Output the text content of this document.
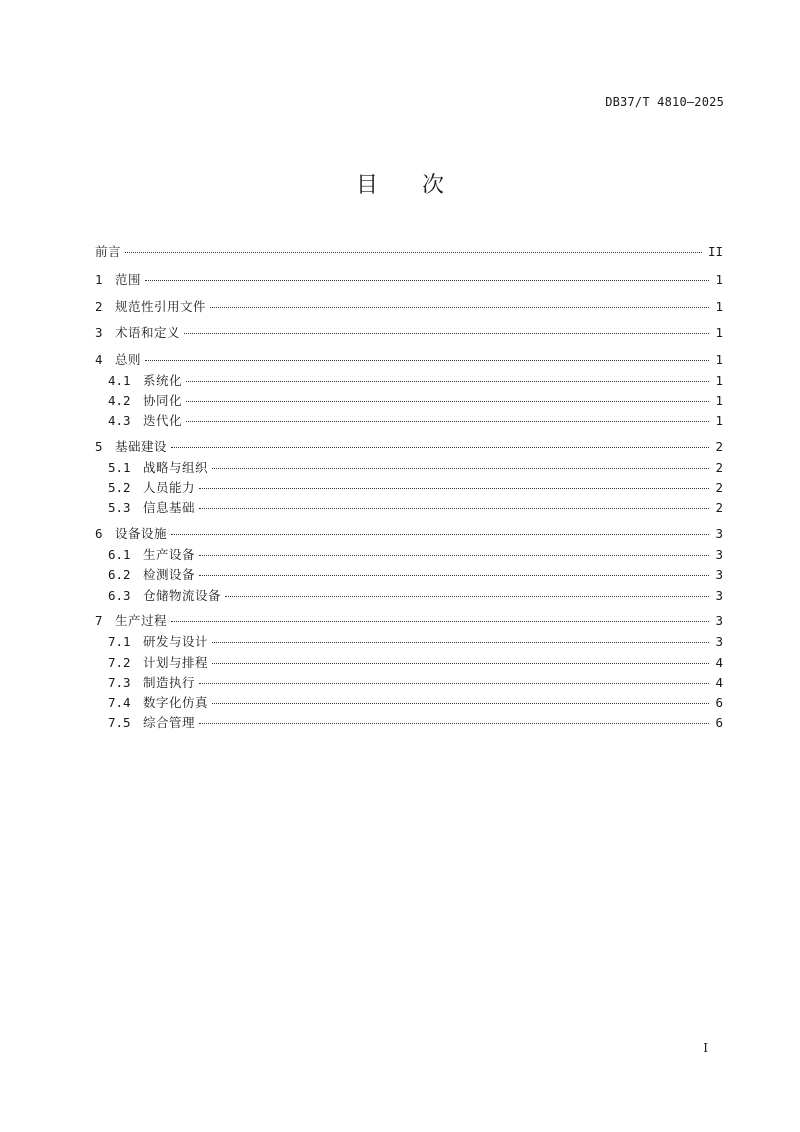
DB37/T 4810—2025
目 次
前言	II
1 范围	1
2 规范性引用文件	1
3 术语和定义	1
4 总则	1
4.1 系统化	1
4.2 协同化	1
4.3 迭代化	1
5 基础建设	2
5.1 战略与组织	2
5.2 人员能力	2
5.3 信息基础	2
6 设备设施	3
6.1 生产设备	3
6.2 检测设备	3
6.3 仓储物流设备	3
7 生产过程	3
7.1 研发与设计	3
7.2 计划与排程	4
7.3 制造执行	4
7.4 数字化仿真	6
7.5 综合管理	6
I
